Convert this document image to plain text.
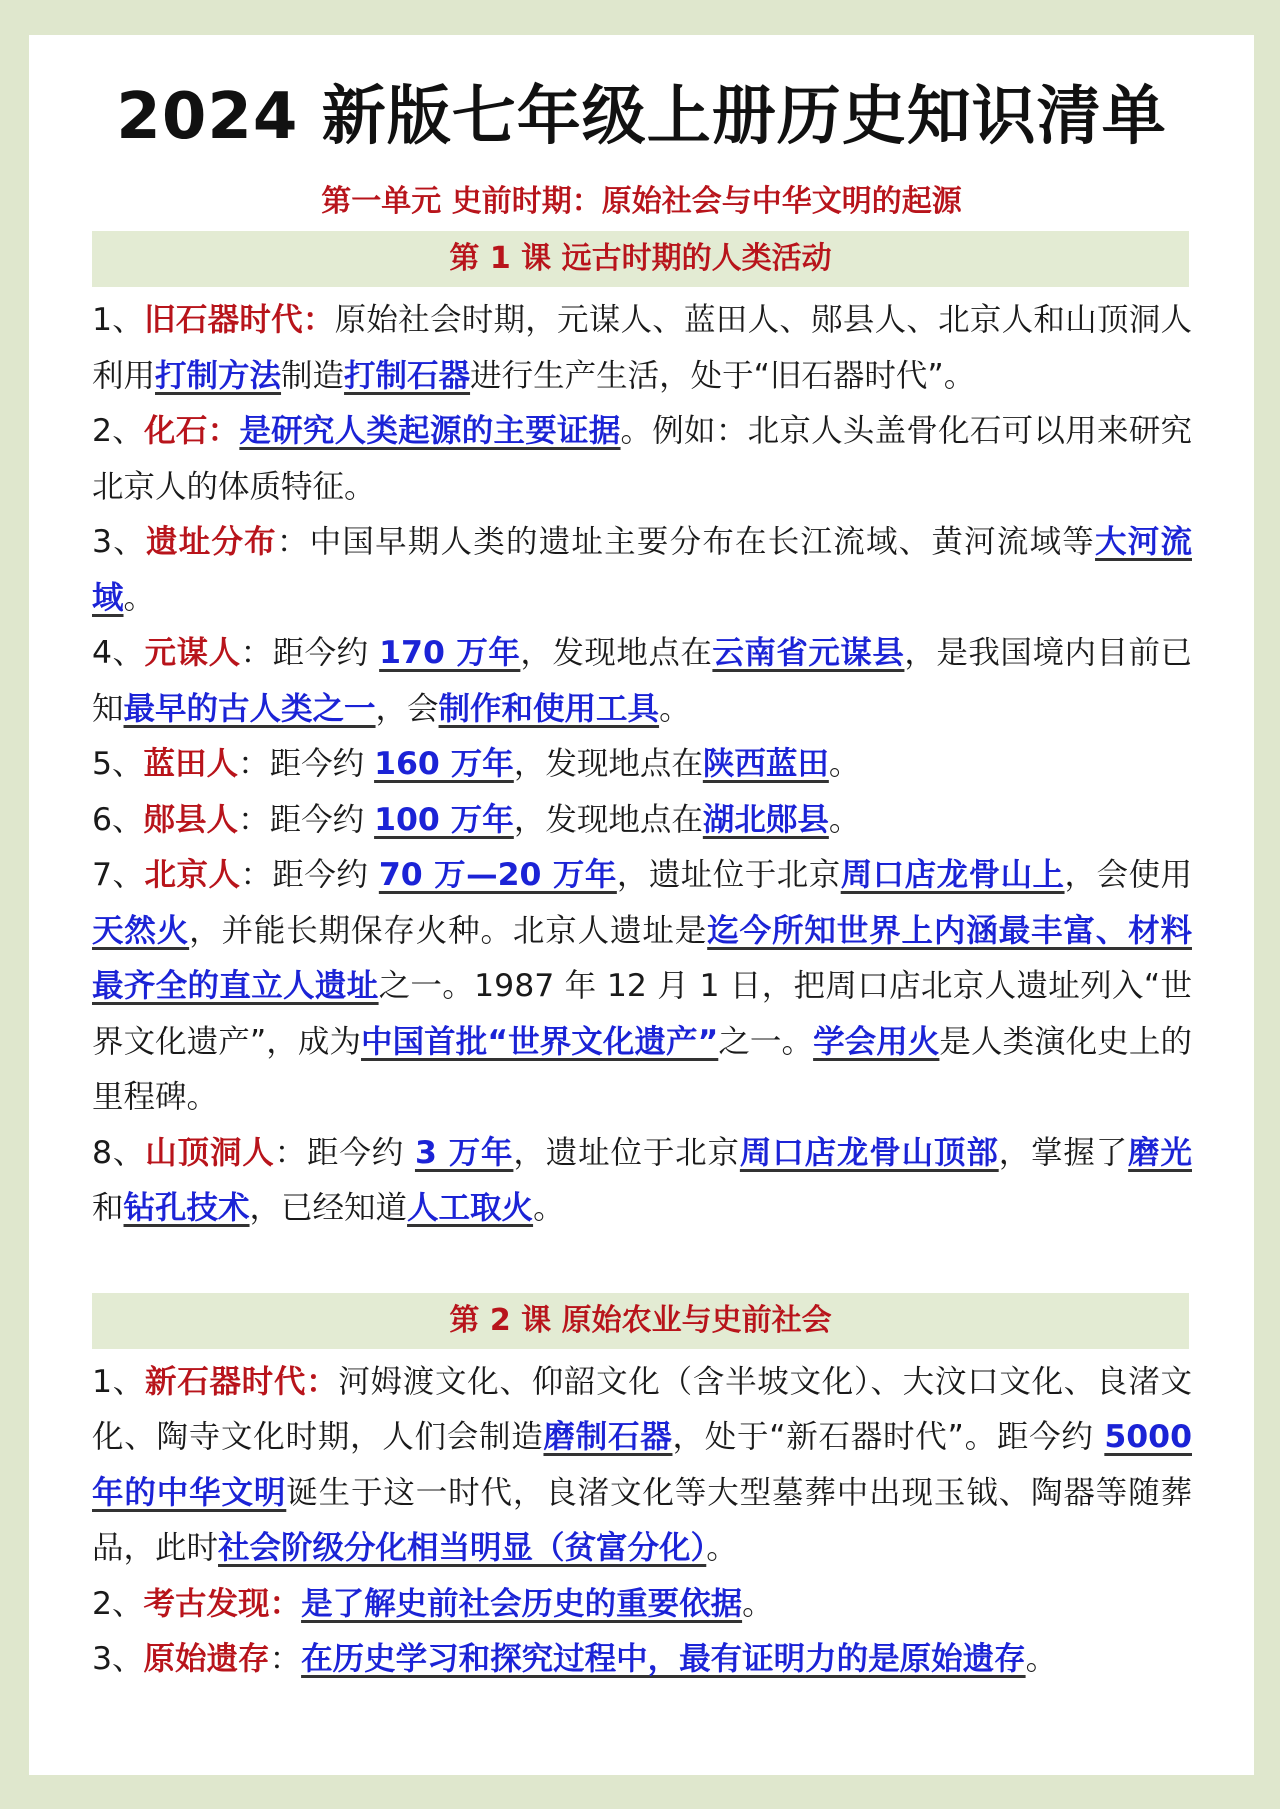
2024 新版七年级上册历史知识清单
第一单元 史前时期：原始社会与中华文明的起源
第 1 课 远古时期的人类活动

1、旧石器时代：原始社会时期，元谋人、蓝田人、郧县人、北京人和山顶洞人利用打制方法制造打制石器进行生产生活，处于“旧石器时代”。

2、化石：是研究人类起源的主要证据。例如：北京人头盖骨化石可以用来研究北京人的体质特征。

3、遗址分布：中国早期人类的遗址主要分布在长江流域、黄河流域等大河流域。

4、元谋人：距今约 170 万年，发现地点在云南省元谋县，是我国境内目前已知最早的古人类之一，会制作和使用工具。

5、蓝田人：距今约 160 万年，发现地点在陕西蓝田。

6、郧县人：距今约 100 万年，发现地点在湖北郧县。

7、北京人：距今约 70 万—20 万年，遗址位于北京周口店龙骨山上，会使用天然火，并能长期保存火种。北京人遗址是迄今所知世界上内涵最丰富、材料最齐全的直立人遗址之一。1987 年 12 月 1 日，把周口店北京人遗址列入“世界文化遗产”，成为中国首批“世界文化遗产”之一。学会用火是人类演化史上的里程碑。

8、山顶洞人：距今约 3 万年，遗址位于北京周口店龙骨山顶部，掌握了磨光和钻孔技术，已经知道人工取火。

第 2 课 原始农业与史前社会

1、新石器时代：河姆渡文化、仰韶文化（含半坡文化）、大汶口文化、良渚文化、陶寺文化时期，人们会制造磨制石器，处于“新石器时代”。距今约 5000 年的中华文明诞生于这一时代，良渚文化等大型墓葬中出现玉钺、陶器等随葬品，此时社会阶级分化相当明显（贫富分化）。

2、考古发现：是了解史前社会历史的重要依据。

3、原始遗存：在历史学习和探究过程中，最有证明力的是原始遗存。
